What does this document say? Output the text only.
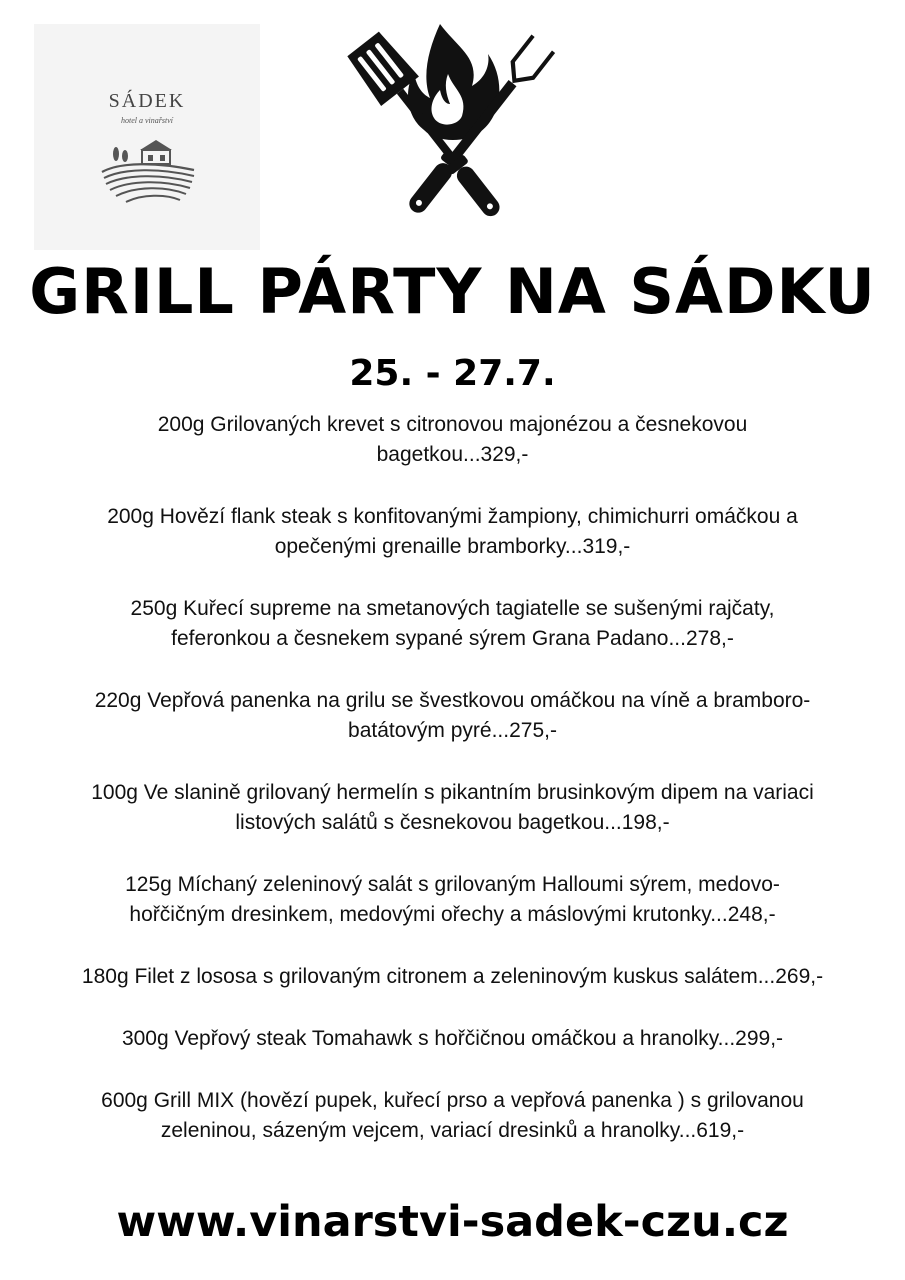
SÁDEK
hotel a vinařství
GRILL PÁRTY NA SÁDKU
25. - 27.7.
200g Grilovaných krevet s citronovou majonézou a česnekovou
bagetkou...329,-
200g Hovězí flank steak s konfitovanými žampiony, chimichurri omáčkou a
opečenými grenaille bramborky...319,-
250g Kuřecí supreme na smetanových tagiatelle se sušenými rajčaty,
feferonkou a česnekem sypané sýrem Grana Padano...278,-
220g Vepřová panenka na grilu se švestkovou omáčkou na víně a bramboro-
batátovým pyré...275,-
100g Ve slanině grilovaný hermelín s pikantním brusinkovým dipem na variaci
listových salátů s česnekovou bagetkou...198,-
125g Míchaný zeleninový salát s grilovaným Halloumi sýrem, medovo-
hořčičným dresinkem, medovými ořechy a máslovými krutonky...248,-
180g Filet z lososa s grilovaným citronem a zeleninovým kuskus salátem...269,-
300g Vepřový steak Tomahawk s hořčičnou omáčkou a hranolky...299,-
600g Grill MIX (hovězí pupek, kuřecí prso a vepřová panenka ) s grilovanou
zeleninou, sázeným vejcem, variací dresinků a hranolky...619,-
www.vinarstvi-sadek-czu.cz
